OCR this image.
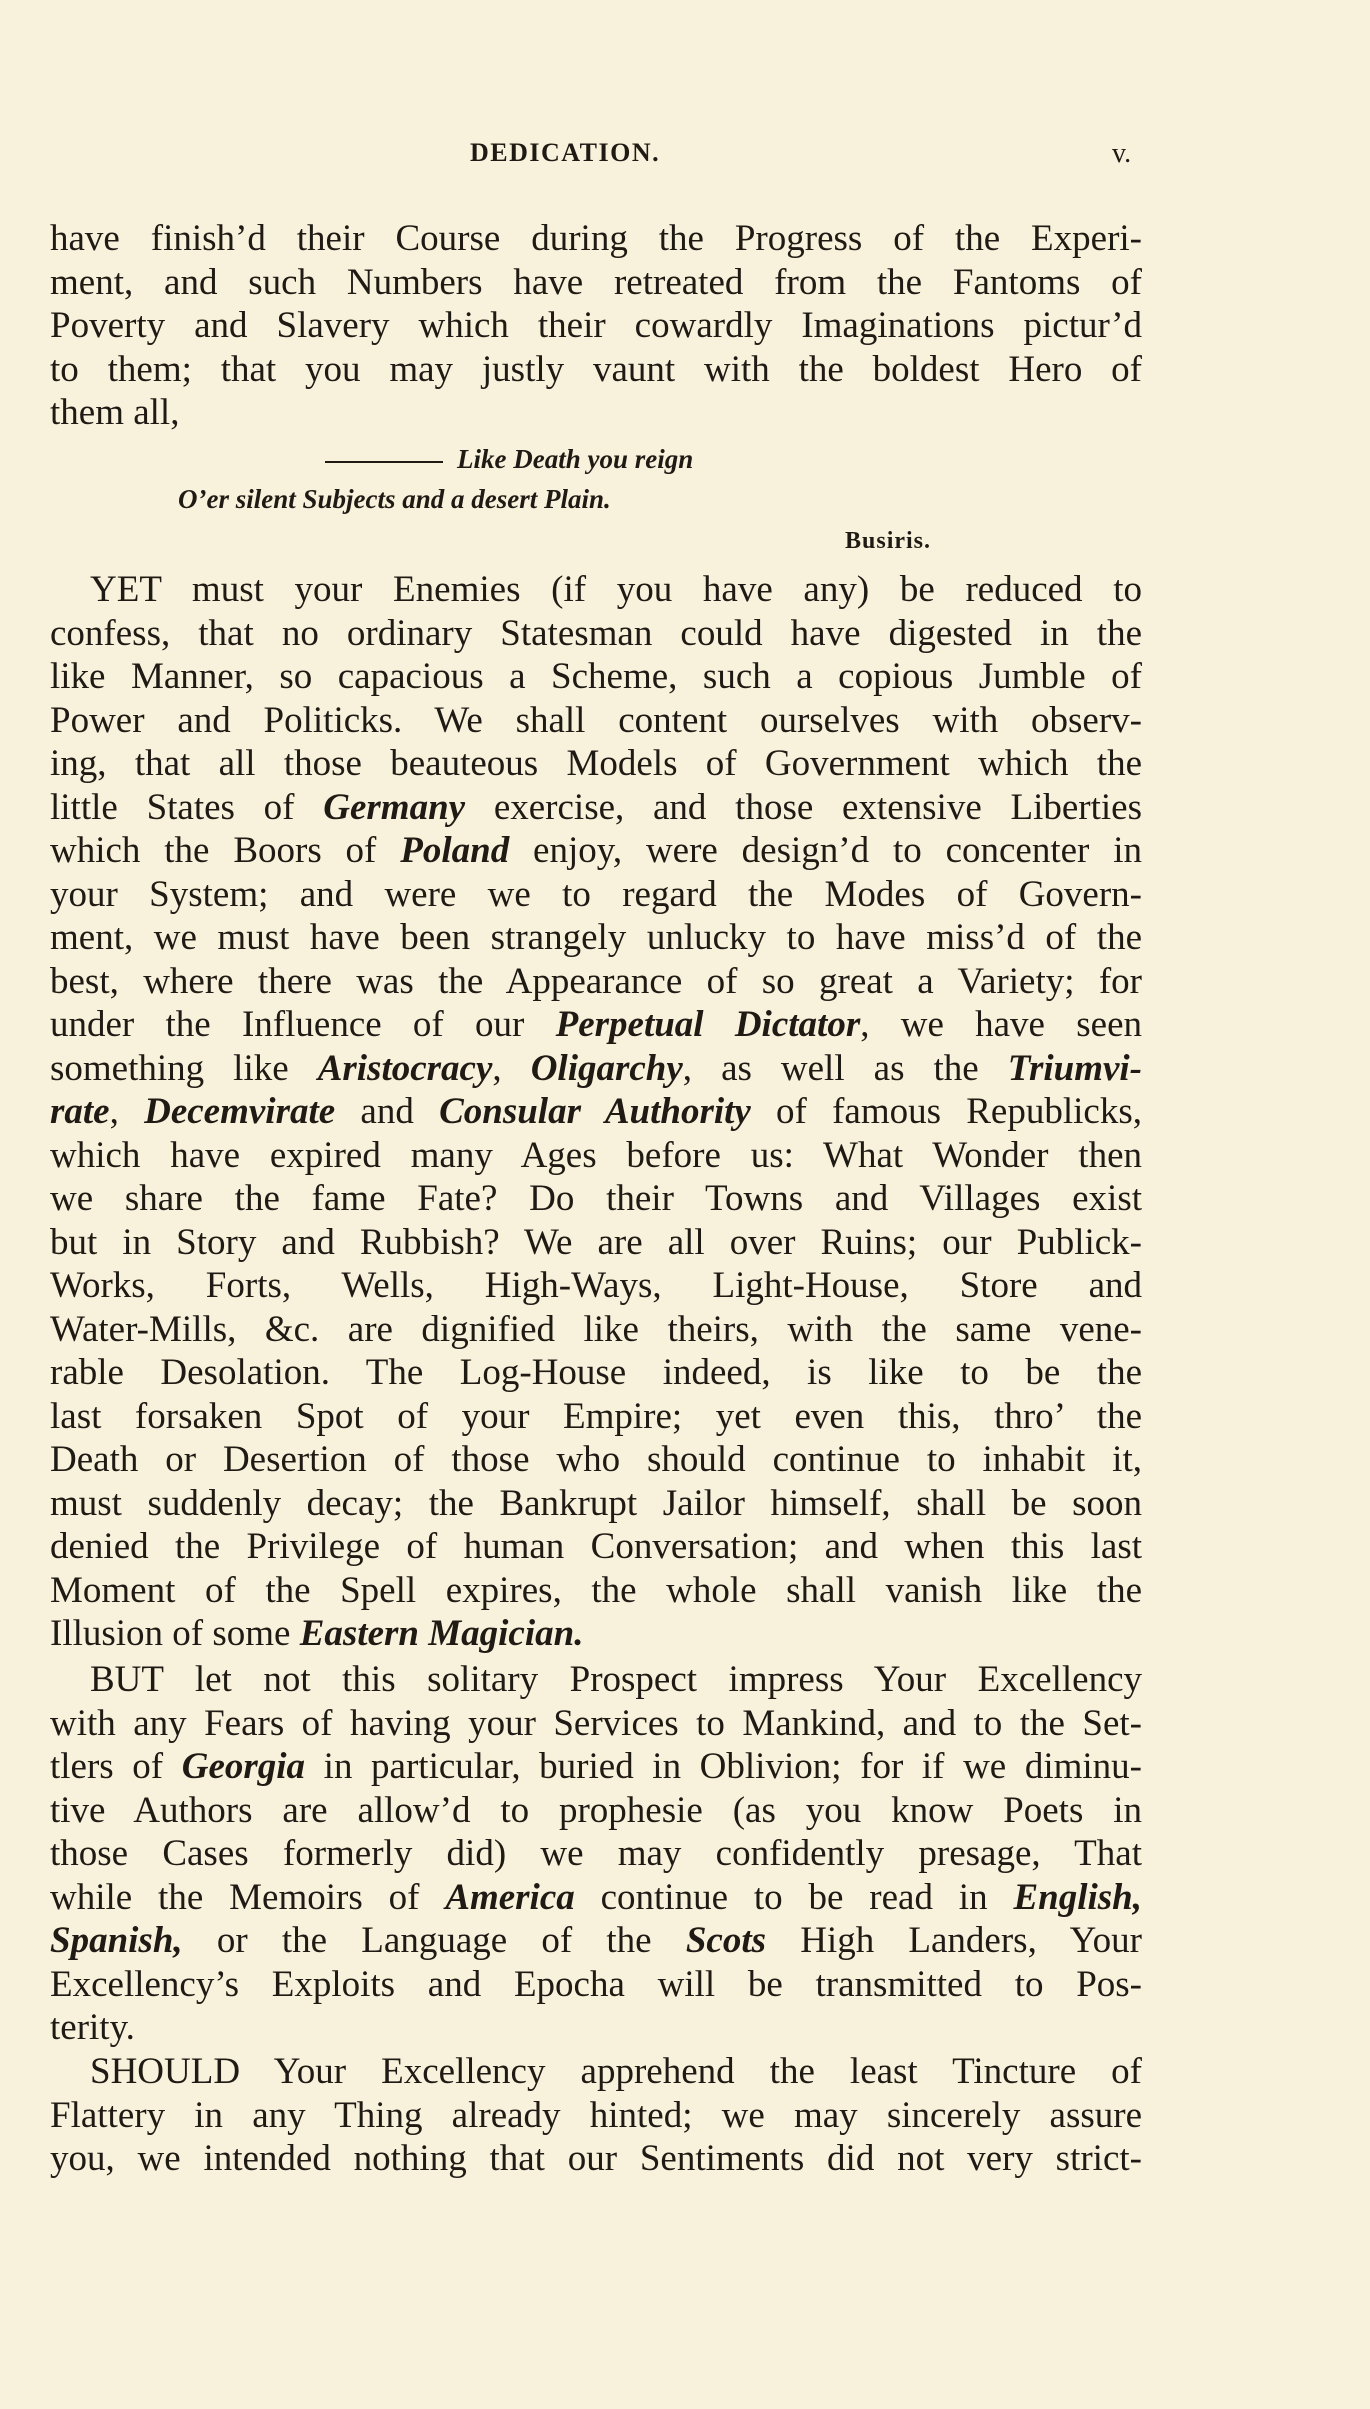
DEDICATION.	v.
have finish’d their Course during the Progress of the Experi-
ment, and such Numbers have retreated from the Fantoms of
Poverty and Slavery which their cowardly Imaginations pictur’d
to them; that you may justly vaunt with the boldest Hero of
them all,
Like Death you reign
O’er silent Subjects and a desert Plain.
Busiris.
YET must your Enemies (if you have any) be reduced to
confess, that no ordinary Statesman could have digested in the
like Manner, so capacious a Scheme, such a copious Jumble of
Power and Politicks. We shall content ourselves with observ-
ing, that all those beauteous Models of Government which the
little States of Germany exercise, and those extensive Liberties
which the Boors of Poland enjoy, were design’d to concenter in
your System; and were we to regard the Modes of Govern-
ment, we must have been strangely unlucky to have miss’d of the
best, where there was the Appearance of so great a Variety; for
under the Influence of our Perpetual Dictator, we have seen
something like Aristocracy, Oligarchy, as well as the Triumvi-
rate, Decemvirate and Consular Authority of famous Republicks,
which have expired many Ages before us: What Wonder then
we share the fame Fate? Do their Towns and Villages exist
but in Story and Rubbish? We are all over Ruins; our Publick-
Works, Forts, Wells, High-Ways, Light-House, Store and
Water-Mills, &c. are dignified like theirs, with the same vene-
rable Desolation. The Log-House indeed, is like to be the
last forsaken Spot of your Empire; yet even this, thro’ the
Death or Desertion of those who should continue to inhabit it,
must suddenly decay; the Bankrupt Jailor himself, shall be soon
denied the Privilege of human Conversation; and when this last
Moment of the Spell expires, the whole shall vanish like the
Illusion of some Eastern Magician.
BUT let not this solitary Prospect impress Your Excellency
with any Fears of having your Services to Mankind, and to the Set-
tlers of Georgia in particular, buried in Oblivion; for if we diminu-
tive Authors are allow’d to prophesie (as you know Poets in
those Cases formerly did) we may confidently presage, That
while the Memoirs of America continue to be read in English,
Spanish, or the Language of the Scots High Landers, Your
Excellency’s Exploits and Epocha will be transmitted to Pos-
terity.
SHOULD Your Excellency apprehend the least Tincture of
Flattery in any Thing already hinted; we may sincerely assure
you, we intended nothing that our Sentiments did not very strict-
